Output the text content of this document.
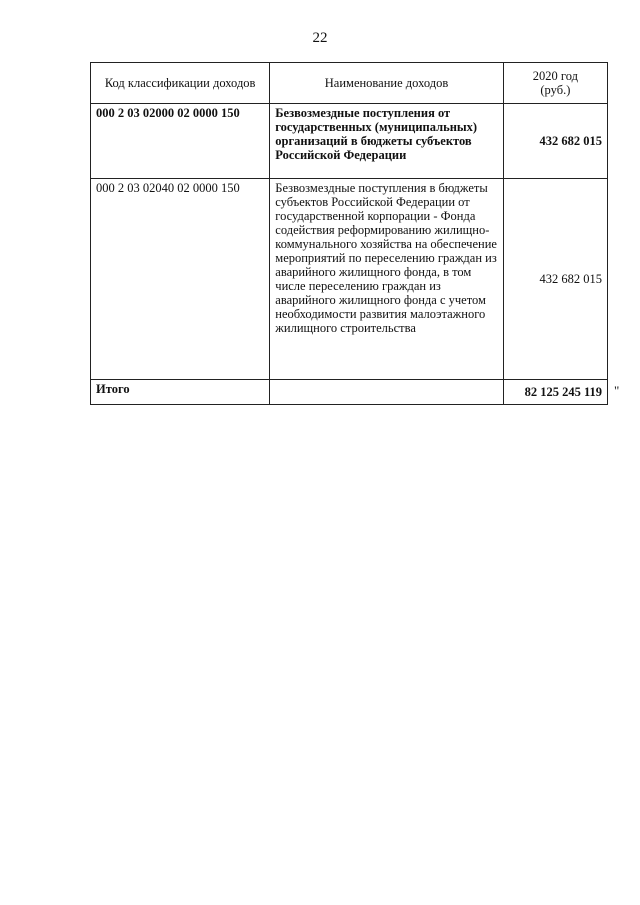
22
Код классификации доходов	Наименование доходов	2020 год
(руб.)

000 2 03 02000 02 0000 150	Безвозмездные поступления от государственных (муниципальных) организаций в бюджеты субъектов Российской Федерации	432 682 015
000 2 03 02040 02 0000 150	Безвозмездные поступления в бюджеты субъектов Российской Федерации от государственной корпорации - Фонда содействия реформированию жилищно-коммунального хозяйства на обеспечение мероприятий по переселению граждан из аварийного жилищного фонда, в том числе переселению граждан из аварийного жилищного фонда с учетом необходимости развития малоэтажного жилищного строительства	432 682 015
Итого		82 125 245 119 "
